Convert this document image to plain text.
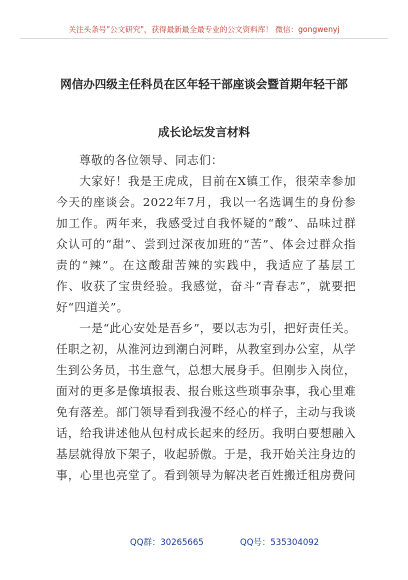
关注头条号"公文研究"，获得最新最全最专业的公文资料库！ 微信：gongwenyj
网信办四级主任科员在区年轻干部座谈会暨首期年轻干部
成长论坛发言材料

尊敬的各位领导、同志们：

大家好！我是王虎成，目前在X镇工作，很荣幸参加今天的座谈会。2022年7月，我以一名选调生的身份参加工作。两年来，我感受过自我怀疑的“酸”、品味过群众认可的“甜”、尝到过深夜加班的“苦”、体会过群众指责的“辣”。在这酸甜苦辣的实践中，我适应了基层工作、收获了宝贵经验。我感觉，奋斗“青春志”，就要把好“四道关”。

一是“此心安处是吾乡”，要以志为引，把好责任关。任职之初，从淮河边到潮白河畔，从教室到办公室，从学生到公务员，书生意气，总想大展身手。但刚步入岗位，面对的更多是像填报表、报台账这些琐事杂事，我心里难免有落差。部门领导看到我漫不经心的样子，主动与我谈话，给我讲述他从包村成长起来的经历。我明白要想融入基层就得放下架子，收起骄傲。于是，我开始关注身边的事，心里也亮堂了。看到领导为解决老百姓搬迁租房费问

QQ群：30265665	QQ号：535304092
